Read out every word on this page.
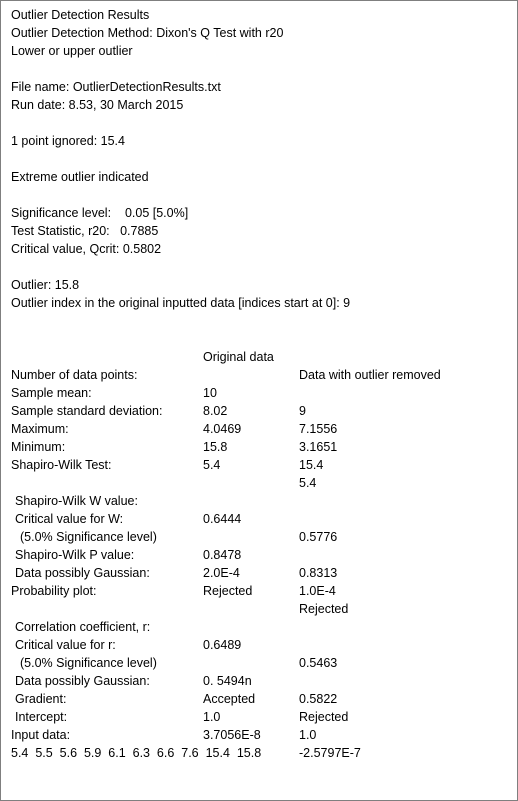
Outlier Detection Results
Outlier Detection Method: Dixon's Q Test with r20
Lower or upper outlier
File name: OutlierDetectionResults.txt
Run date: 8.53, 30 March 2015
1 point ignored: 15.4
Extreme outlier indicated
Significance level:    0.05 [5.0%]
Test Statistic, r20:   0.7885
Critical value, Qcrit: 0.5802
Outlier: 15.8
Outlier index in the original inputted data [indices start at 0]: 9

Original data

Data with outlier removed

Number of data points:

10

9

Sample mean:

8.02

7.1556

Sample standard deviation:

4.0469

3.1651

Maximum:

15.8

15.4

Minimum:

5.4

5.4

Shapiro-Wilk Test:

Shapiro-Wilk W value:

0.6444

0.5776

Critical value for W:

(5.0% Significance level)

0.8478

0.8313

Shapiro-Wilk P value:

2.0E-4

1.0E-4

Data possibly Gaussian:

Rejected

Rejected

Probability plot:

Correlation coefficient, r:

0.6489

0.5463

Critical value for r:

(5.0% Significance level)

0. 5494n

0.5822

Data possibly Gaussian:

Accepted

Rejected

Gradient:

1.0

1.0

Intercept:

3.7056E-8

-2.5797E-7

Input data:
5.4  5.5  5.6  5.9  6.1  6.3  6.6  7.6  15.4  15.8
